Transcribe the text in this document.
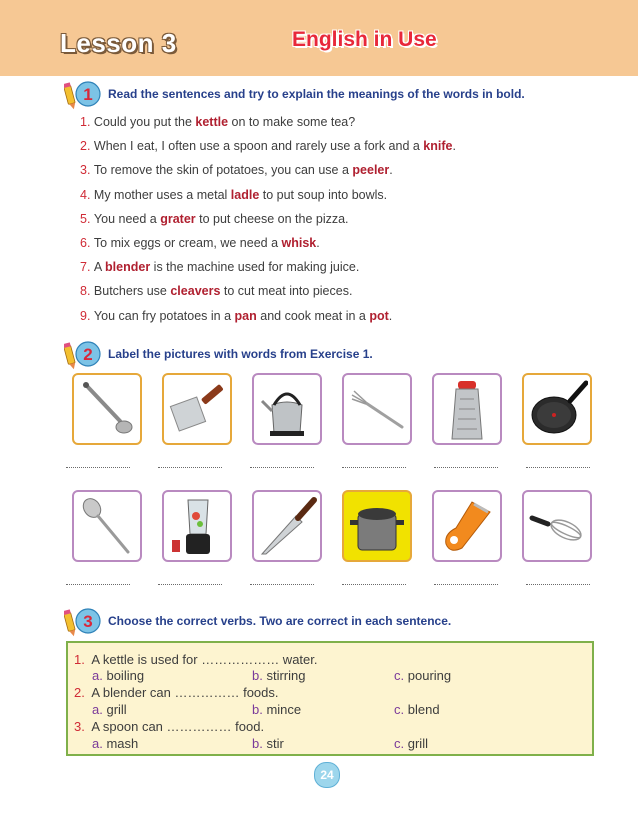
Lesson 3	English in Use
1 Read the sentences and try to explain the meanings of the words in bold.
1. Could you put the kettle on to make some tea?
2. When I eat, I often use a spoon and rarely use a fork and a knife.
3. To remove the skin of potatoes, you can use a peeler.
4. My mother uses a metal ladle to put soup into bowls.
5. You need a grater to put cheese on the pizza.
6. To mix eggs or cream, we need a whisk.
7. A blender is the machine used for making juice.
8. Butchers use cleavers to cut meat into pieces.
9. You can fry potatoes in a pan and cook meat in a pot.
2 Label the pictures with words from Exercise 1.
3 Choose the correct verbs. Two are correct in each sentence.
1. A kettle is used for ……………… water.
a. boiling	b. stirring	c. pouring
2. A blender can …………… foods.
a. grill	b. mince	c. blend
3. A spoon can …………… food.
a. mash	b. stir	c. grill
24
